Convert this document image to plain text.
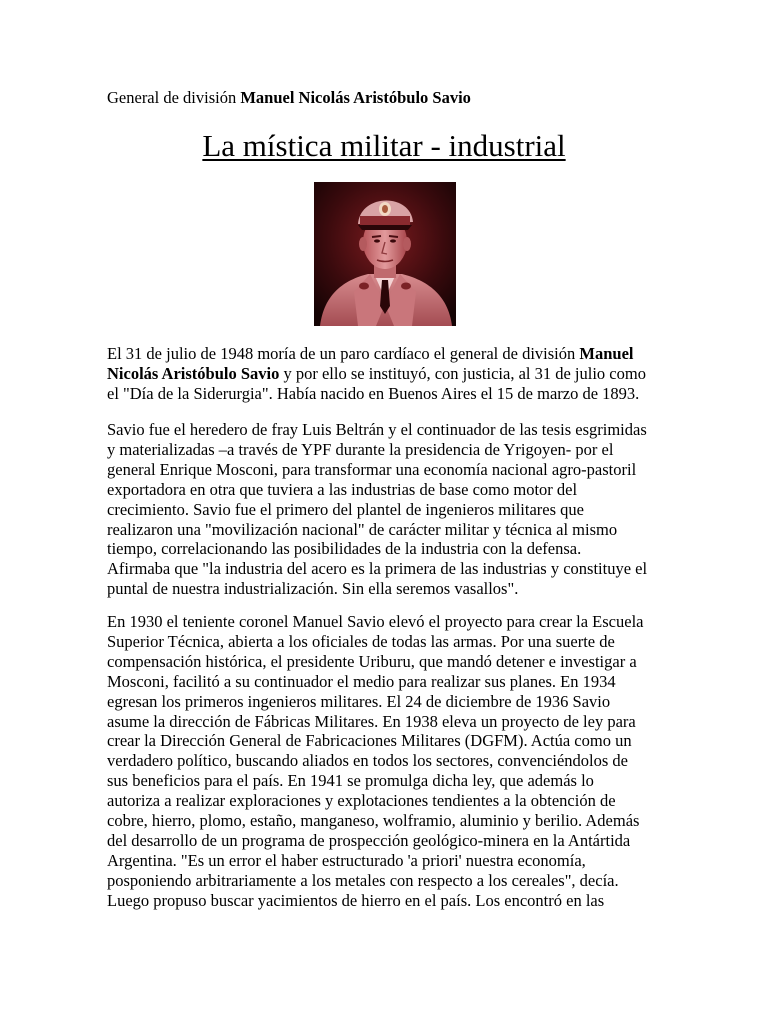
General de división Manuel Nicolás Aristóbulo Savio
La mística militar - industrial

El 31 de julio de 1948 moría de un paro cardíaco el general de división Manuel
Nicolás Aristóbulo Savio y por ello se instituyó, con justicia, al 31 de julio como
el "Día de la Siderurgia". Había nacido en Buenos Aires el 15 de marzo de 1893.

Savio fue el heredero de fray Luis Beltrán y el continuador de las tesis esgrimidas
y materializadas –a través de YPF durante la presidencia de Yrigoyen- por el
general Enrique Mosconi, para transformar una economía nacional agro-pastoril
exportadora en otra que tuviera a las industrias de base como motor del
crecimiento. Savio fue el primero del plantel de ingenieros militares que
realizaron una "movilización nacional" de carácter militar y técnica al mismo
tiempo, correlacionando las posibilidades de la industria con la defensa.
Afirmaba que "la industria del acero es la primera de las industrias y constituye el
puntal de nuestra industrialización. Sin ella seremos vasallos".

En 1930 el teniente coronel Manuel Savio elevó el proyecto para crear la Escuela
Superior Técnica, abierta a los oficiales de todas las armas. Por una suerte de
compensación histórica, el presidente Uriburu, que mandó detener e investigar a
Mosconi, facilitó a su continuador el medio para realizar sus planes. En 1934
egresan los primeros ingenieros militares. El 24 de diciembre de 1936 Savio
asume la dirección de Fábricas Militares. En 1938 eleva un proyecto de ley para
crear la Dirección General de Fabricaciones Militares (DGFM). Actúa como un
verdadero político, buscando aliados en todos los sectores, convenciéndolos de
sus beneficios para el país. En 1941 se promulga dicha ley, que además lo
autoriza a realizar exploraciones y explotaciones tendientes a la obtención de
cobre, hierro, plomo, estaño, manganeso, wolframio, aluminio y berilio. Además
del desarrollo de un programa de prospección geológico-minera en la Antártida
Argentina. "Es un error el haber estructurado 'a priori' nuestra economía,
posponiendo arbitrariamente a los metales con respecto a los cereales", decía.
Luego propuso buscar yacimientos de hierro en el país. Los encontró en las
